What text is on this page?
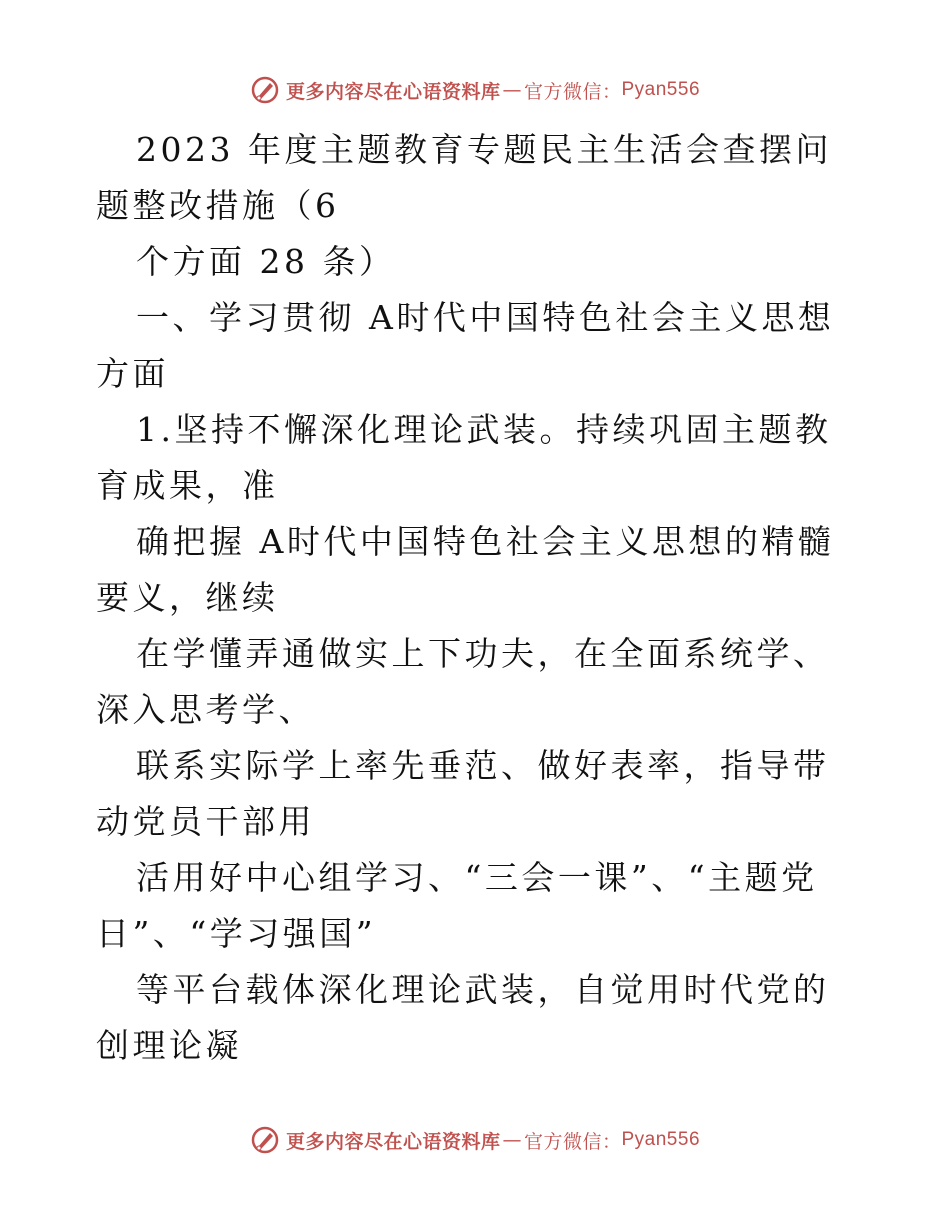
更多内容尽在心语资料库 — 官方微信： Pyan556

2023 年度主题教育专题民主生活会查摆问题整改措施（6

个方面 28 条）

一、学习贯彻 A时代中国特色社会主义思想方面

1.坚持不懈深化理论武装。持续巩固主题教育成果，准

确把握 A时代中国特色社会主义思想的精髓要义，继续

在学懂弄通做实上下功夫，在全面系统学、深入思考学、

联系实际学上率先垂范、做好表率，指导带动党员干部用

活用好中心组学习、“三会一课”、“主题党日”、“学习强国”

等平台载体深化理论武装，自觉用时代党的创理论凝

更多内容尽在心语资料库 — 官方微信： Pyan556
